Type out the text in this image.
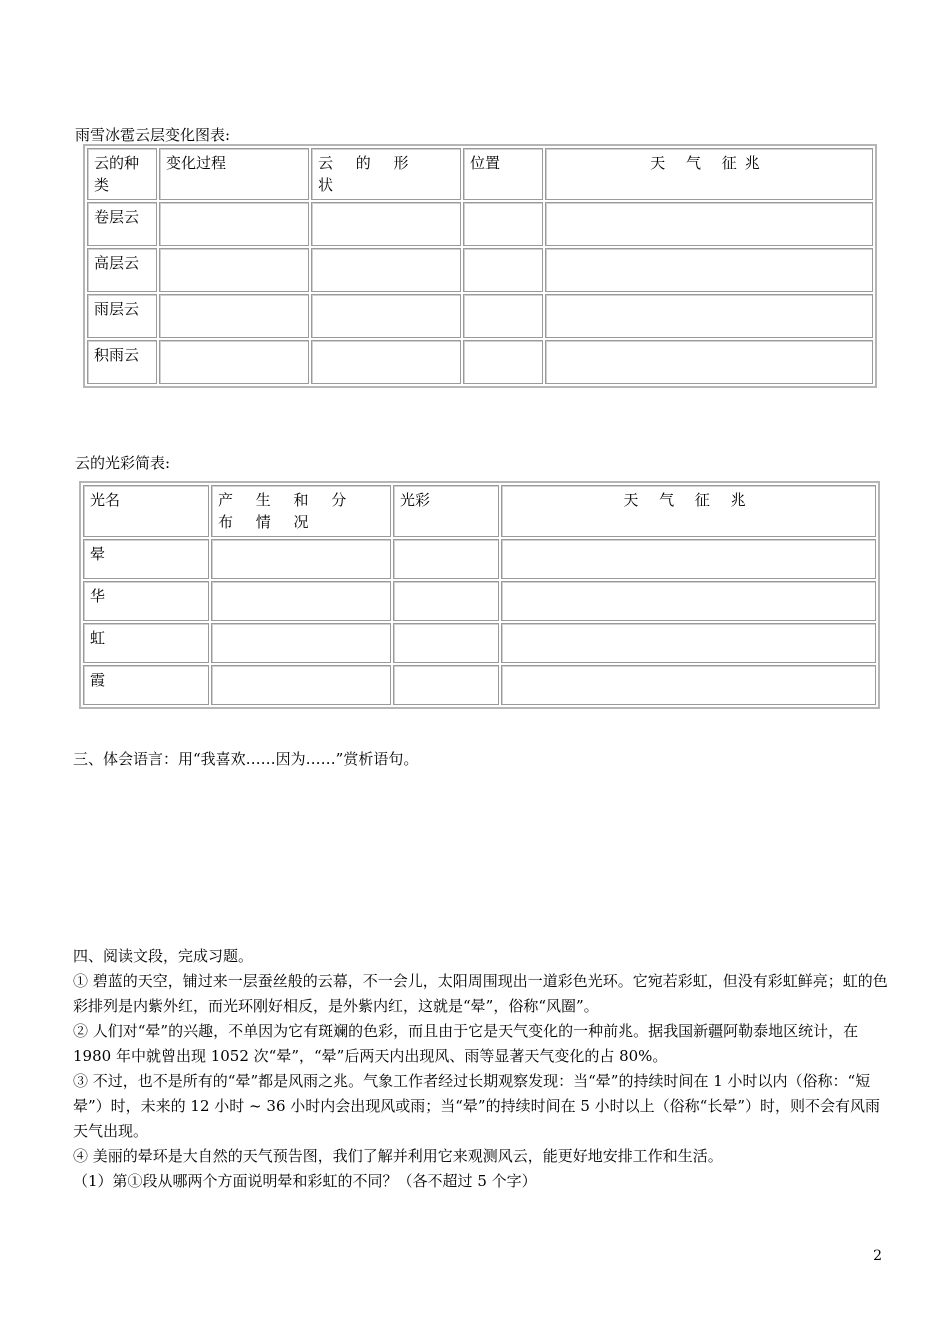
雨雪冰雹云层变化图表:
云的种类	变化过程	云 的 形 状	位置	天 气 征兆
卷层云				
高层云				
雨层云				
积雨云				
云的光彩简表:
光名	产 生 和 分 布 情 况	光彩	天 气 征 兆
晕			
华			
虹			
霞			
三、体会语言：用“我喜欢……因为……”赏析语句。
四、阅读文段，完成习题。
① 碧蓝的天空，铺过来一层蚕丝般的云幕，不一会儿，太阳周围现出一道彩色光环。它宛若彩虹，但没有彩虹鲜亮；虹的色彩排列是内紫外红，而光环刚好相反，是外紫内红，这就是“晕”，俗称“风圈”。
② 人们对“晕”的兴趣，不单因为它有斑斓的色彩，而且由于它是天气变化的一种前兆。据我国新疆阿勒泰地区统计，在 1980 年中就曾出现 1052 次“晕”，“晕”后两天内出现风、雨等显著天气变化的占 80%。
③ 不过，也不是所有的“晕”都是风雨之兆。气象工作者经过长期观察发现：当“晕”的持续时间在 1 小时以内（俗称：“短晕”）时，未来的 12 小时 ~ 36 小时内会出现风或雨；当“晕”的持续时间在 5 小时以上（俗称“长晕”）时，则不会有风雨天气出现。
④ 美丽的晕环是大自然的天气预告图，我们了解并利用它来观测风云，能更好地安排工作和生活。
（1）第①段从哪两个方面说明晕和彩虹的不同？（各不超过 5 个字）
2
